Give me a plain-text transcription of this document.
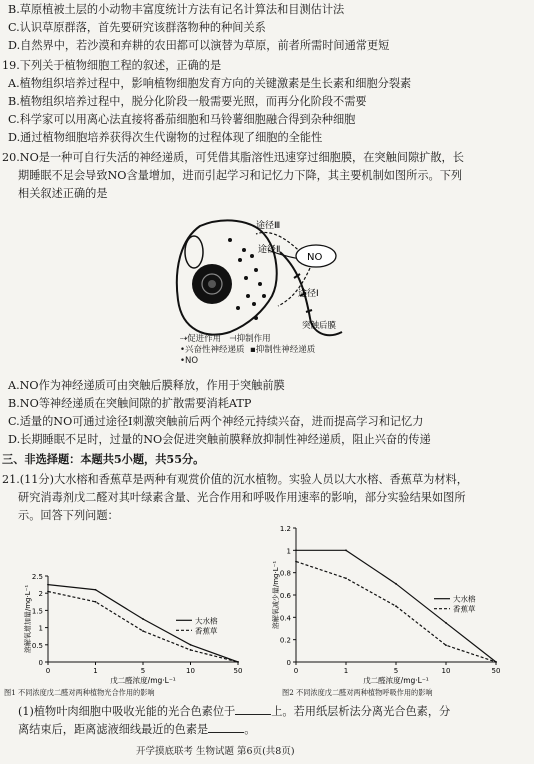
B.草原植被土层的小动物丰富度统计方法有记名计算法和目测估计法
C.认识草原群落，首先要研究该群落物种的种间关系
D.自然界中，若沙漠和弃耕的农田都可以演替为草原，前者所需时间通常更短
19.下列关于植物细胞工程的叙述，正确的是
A.植物组织培养过程中，影响植物细胞发育方向的关键激素是生长素和细胞分裂素
B.植物组织培养过程中，脱分化阶段一般需要光照，而再分化阶段不需要
C.科学家可以用离心法直接将番茄细胞和马铃薯细胞融合得到杂种细胞
D.通过植物细胞培养获得次生代谢物的过程体现了细胞的全能性
20.NO是一种可自行失活的神经递质，可凭借其脂溶性迅速穿过细胞膜，在突触间隙扩散，长
期睡眠不足会导致NO含量增加，进而引起学习和记忆力下降，其主要机制如图所示。下列
相关叙述正确的是
NO
途径Ⅲ
途径Ⅱ
途径Ⅰ
突触后膜
⇢促进作用 ⊣抑制作用
•兴奋性神经递质 ▪抑制性神经递质
•NO
A.NO作为神经递质可由突触后膜释放，作用于突触前膜
B.NO等神经递质在突触间隙的扩散需要消耗ATP
C.适量的NO可通过途径Ⅰ刺激突触前后两个神经元持续兴奋，进而提高学习和记忆力
D.长期睡眠不足时，过量的NO会促进突触前膜释放抑制性神经递质，阻止兴奋的传递
三、非选择题：本题共5小题，共55分。
21.(11分)大水榕和香蕉草是两种有观赏价值的沉水植物。实验人员以大水榕、香蕉草为材料，
研究消毒剂戊二醛对其叶绿素含量、光合作用和呼吸作用速率的影响，部分实验结果如图所
示。回答下列问题：
0
0.5
1
1.5
2
2.5
0	1	5	10	50
戊二醛浓度/mg·L⁻¹
溶解氧增加量/mg·L⁻¹	大水榕
香蕉草
图1 不同浓度戊二醛对两种植物光合作用的影响
0
0.2
0.4
0.6
0.8
1
1.2
0	1	5	10	50
戊二醛浓度/mg·L⁻¹
溶解氧减少量/mg·L⁻¹	大水榕
香蕉草
图2 不同浓度戊二醛对两种植物呼吸作用的影响
(1)植物叶肉细胞中吸收光能的光合色素位于	上。若用纸层析法分离光合色素，分
离结束后，距离滤液细线最近的色素是	。
开学摸底联考 生物试题 第6页(共8页)
